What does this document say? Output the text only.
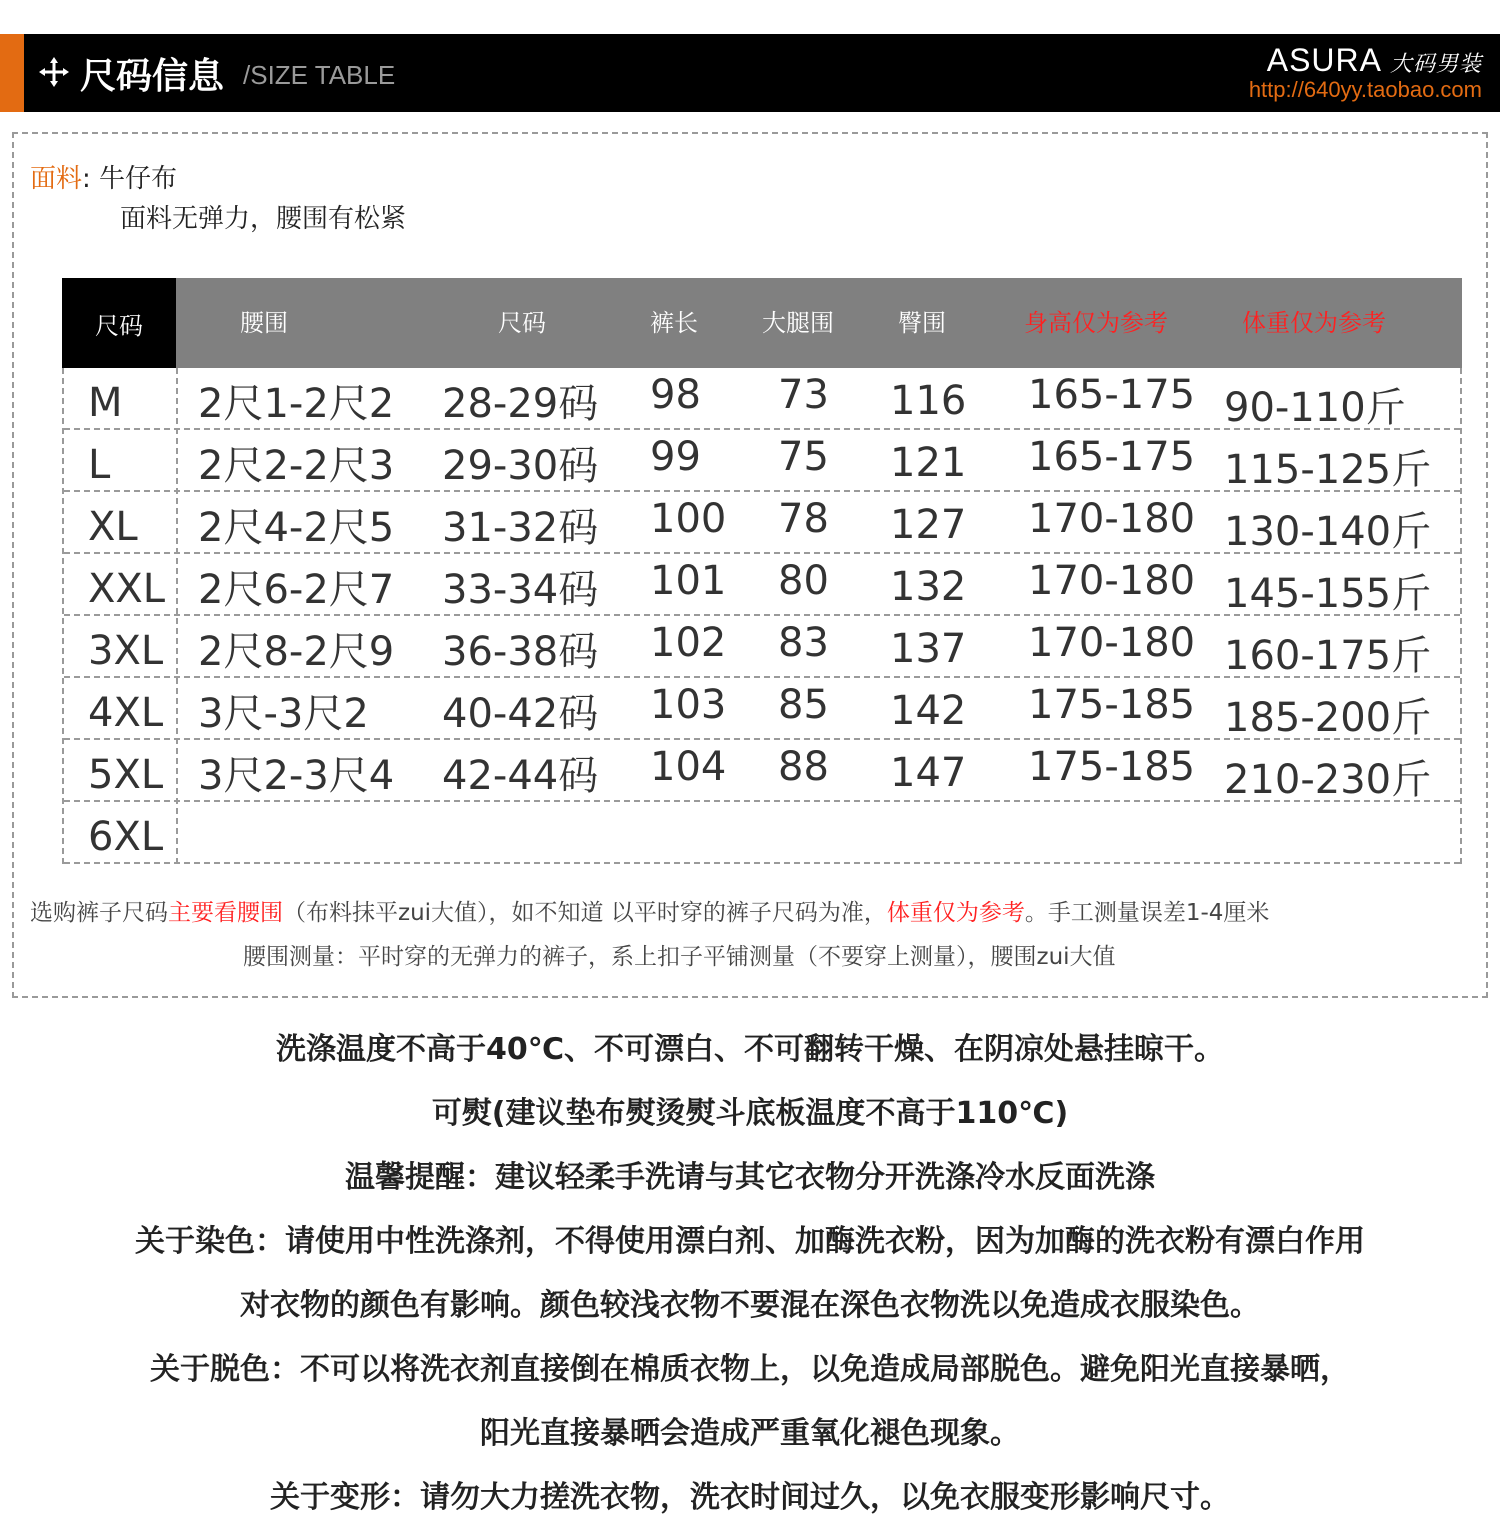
尺码信息 /SIZE TABLE	ASURA 大码男装
http://640yy.taobao.com
面料: 牛仔布
面料无弹力，腰围有松紧
尺码	腰围	尺码	裤长	大腿围	臀围	身高仅为参考	体重仅为参考
M 2尺1-2尺2 28-29码 98 73 116 165-175 90-110斤
L 2尺2-2尺3 29-30码 99 75 121 165-175 115-125斤
XL 2尺4-2尺5 31-32码 100 78 127 170-180 130-140斤
XXL 2尺6-2尺7 33-34码 101 80 132 170-180 145-155斤
3XL 2尺8-2尺9 36-38码 102 83 137 170-180 160-175斤
4XL 3尺-3尺2 40-42码 103 85 142 175-185 185-200斤
5XL 3尺2-3尺4 42-44码 104 88 147 175-185 210-230斤
6XL
选购裤子尺码主要看腰围（布料抹平zui大值），如不知道 以平时穿的裤子尺码为准，体重仅为参考。手工测量误差1-4厘米
腰围测量：平时穿的无弹力的裤子，系上扣子平铺测量（不要穿上测量），腰围zui大值
洗涤温度不高于40℃、不可漂白、不可翻转干燥、在阴凉处悬挂晾干。
可熨(建议垫布熨烫熨斗底板温度不高于110℃)
温馨提醒：建议轻柔手洗请与其它衣物分开洗涤冷水反面洗涤
关于染色：请使用中性洗涤剂，不得使用漂白剂、加酶洗衣粉，因为加酶的洗衣粉有漂白作用
对衣物的颜色有影响。颜色较浅衣物不要混在深色衣物洗以免造成衣服染色。
关于脱色：不可以将洗衣剂直接倒在棉质衣物上，以免造成局部脱色。避免阳光直接暴晒，
阳光直接暴晒会造成严重氧化褪色现象。
关于变形：请勿大力搓洗衣物，洗衣时间过久，以免衣服变形影响尺寸。
